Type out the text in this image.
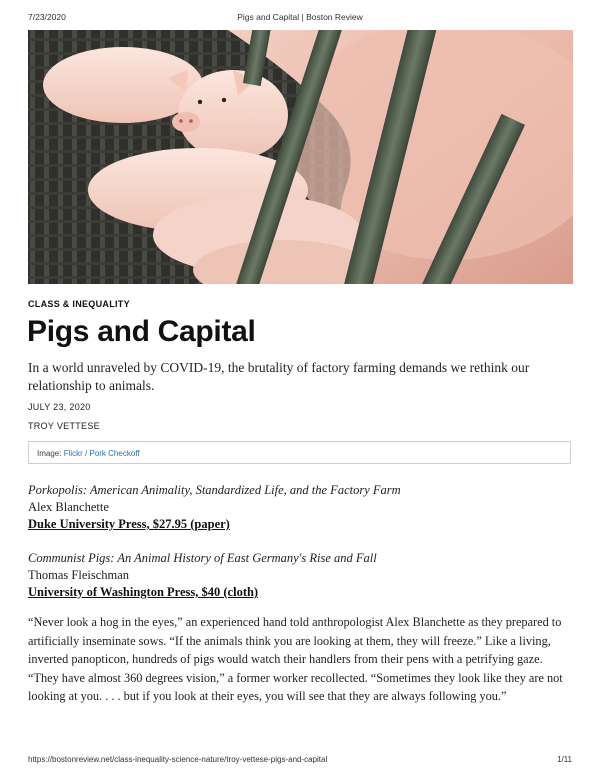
7/23/2020	Pigs and Capital | Boston Review
CLASS & INEQUALITY
Pigs and Capital
In a world unraveled by COVID-19, the brutality of factory farming demands we rethink our relationship to animals.
JULY 23, 2020
TROY VETTESE
Image: Flickr / Pork Checkoff
Porkopolis: American Animality, Standardized Life, and the Factory Farm
Alex Blanchette
Duke University Press, $27.95 (paper)
Communist Pigs: An Animal History of East Germany's Rise and Fall
Thomas Fleischman
University of Washington Press, $40 (cloth)

“Never look a hog in the eyes,” an experienced hand told anthropologist Alex Blanchette as they prepared to artificially inseminate sows. “If the animals think you are looking at them, they will freeze.” Like a living, inverted panopticon, hundreds of pigs would watch their handlers from their pens with a petrifying gaze. “They have almost 360 degrees vision,” a former worker recollected. “Sometimes they look like they are not looking at you. . . . but if you look at their eyes, you will see that they are always following you.”

https://bostonreview.net/class-inequality-science-nature/troy-vettese-pigs-and-capital	1/11
